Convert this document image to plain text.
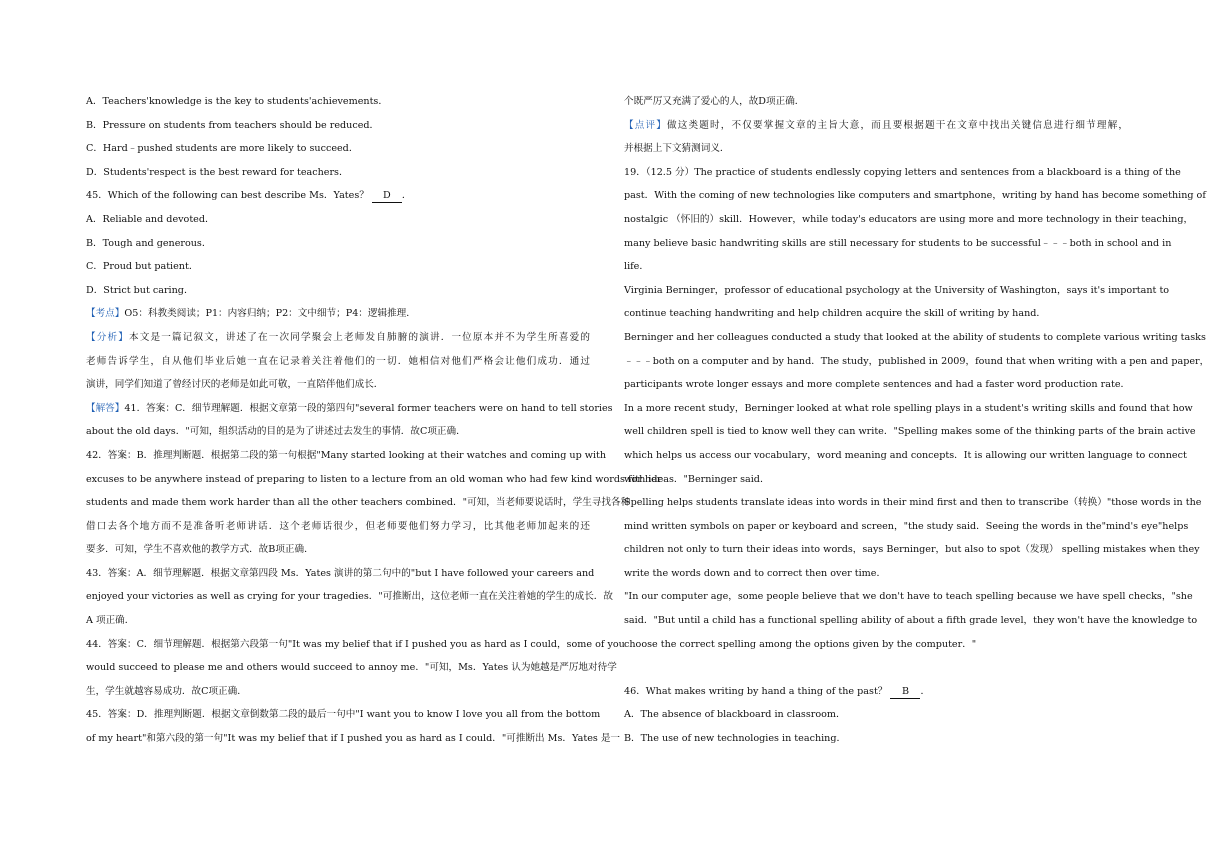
A．Teachers'knowledge is the key to students'achievements．
B．Pressure on students from teachers should be reduced．
C．Hard﹣pushed students are more likely to succeed．
D．Students'respect is the best reward for teachers．
45．Which of the following can best describe Ms．Yates？ D ．
A．Reliable and devoted．
B．Tough and generous．
C．Proud but patient．
D．Strict but caring．
【考点】O5：科教类阅读；P1：内容归纳；P2：文中细节；P4：逻辑推理．
【分析】本文是一篇记叙文，讲述了在一次同学聚会上老师发自肺腑的演讲．一位原本并不为学生所喜爱的
老师告诉学生，自从他们毕业后她一直在记录着关注着他们的一切．她相信对他们严格会让他们成功．通过
演讲，同学们知道了曾经讨厌的老师是如此可敬，一直陪伴他们成长．
【解答】41．答案：C．细节理解题．根据文章第一段的第四句"several former teachers were on hand to tell stories
about the old days．"可知，组织活动的目的是为了讲述过去发生的事情．故C项正确．
42．答案：B．推理判断题．根据第二段的第一句根据"Many started looking at their watches and coming up with
excuses to be anywhere instead of preparing to listen to a lecture from an old woman who had few kind words for her
students and made them work harder than all the other teachers combined．"可知，当老师要说话时，学生寻找各种
借口去各个地方而不是准备听老师讲话．这个老师话很少，但老师要他们努力学习，比其他老师加起来的还
要多．可知，学生不喜欢他的教学方式．故B项正确．
43．答案：A．细节理解题．根据文章第四段 Ms．Yates 演讲的第二句中的"but I have followed your careers and
enjoyed your victories as well as crying for your tragedies．"可推断出，这位老师一直在关注着她的学生的成长．故
A 项正确．
44．答案：C．细节理解题．根据第六段第一句"It was my belief that if I pushed you as hard as I could，some of you
would succeed to please me and others would succeed to annoy me．"可知，Ms．Yates 认为她越是严厉地对待学
生，学生就越容易成功．故C项正确．
45．答案：D．推理判断题．根据文章倒数第二段的最后一句中"I want you to know I love you all from the bottom
of my heart"和第六段的第一句"It was my belief that if I pushed you as hard as I could．"可推断出 Ms．Yates 是一
个既严厉又充满了爱心的人，故D项正确．
【点评】做这类题时，不仅要掌握文章的主旨大意，而且要根据题干在文章中找出关键信息进行细节理解，
并根据上下文猜测词义．
19．（12.5 分）The practice of students endlessly copying letters and sentences from a blackboard is a thing of the
past．With the coming of new technologies like computers and smartphone，writing by hand has become something of
nostalgic （怀旧的）skill．However，while today's educators are using more and more technology in their teaching，
many believe basic handwriting skills are still necessary for students to be successful﹣﹣﹣both in school and in
life．
Virginia Berninger，professor of educational psychology at the University of Washington，says it's important to
continue teaching handwriting and help children acquire the skill of writing by hand．
Berninger and her colleagues conducted a study that looked at the ability of students to complete various writing tasks
﹣﹣﹣both on a computer and by hand．The study，published in 2009，found that when writing with a pen and paper，
participants wrote longer essays and more complete sentences and had a faster word production rate．
In a more recent study，Berninger looked at what role spelling plays in a student's writing skills and found that how
well children spell is tied to know well they can write．"Spelling makes some of the thinking parts of the brain active
which helps us access our vocabulary，word meaning and concepts．It is allowing our written language to connect
with ideas．"Berninger said．
Spelling helps students translate ideas into words in their mind first and then to transcribe（转换）"those words in the
mind written symbols on paper or keyboard and screen，"the study said．Seeing the words in the"mind's eye"helps
children not only to turn their ideas into words，says Berninger，but also to spot（发现） spelling mistakes when they
write the words down and to correct then over time．
"In our computer age，some people believe that we don't have to teach spelling because we have spell checks，"she
said．"But until a child has a functional spelling ability of about a fifth grade level，they won't have the knowledge to
choose the correct spelling among the options given by the computer．"
46．What makes writing by hand a thing of the past？ B ．
A．The absence of blackboard in classroom．
B．The use of new technologies in teaching．
